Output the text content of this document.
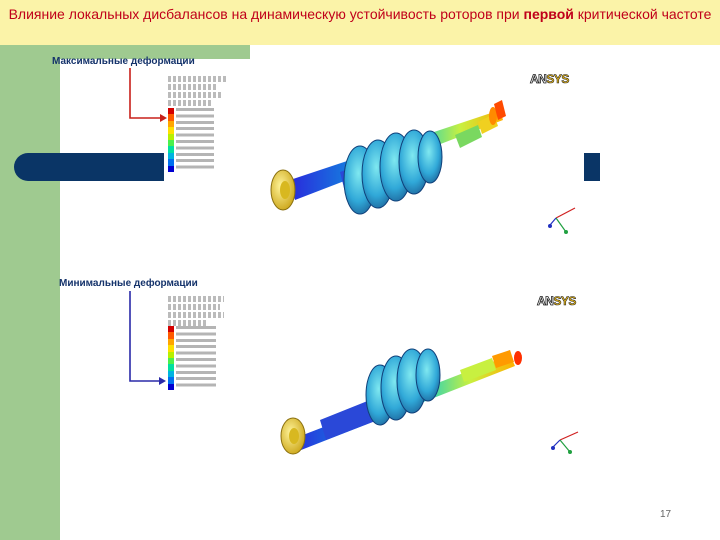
Влияние локальных дисбалансов на динамическую устойчивость роторов при первой критической частоте
Максимальные деформации
ANSYS
Минимальные деформации
ANSYS
17
